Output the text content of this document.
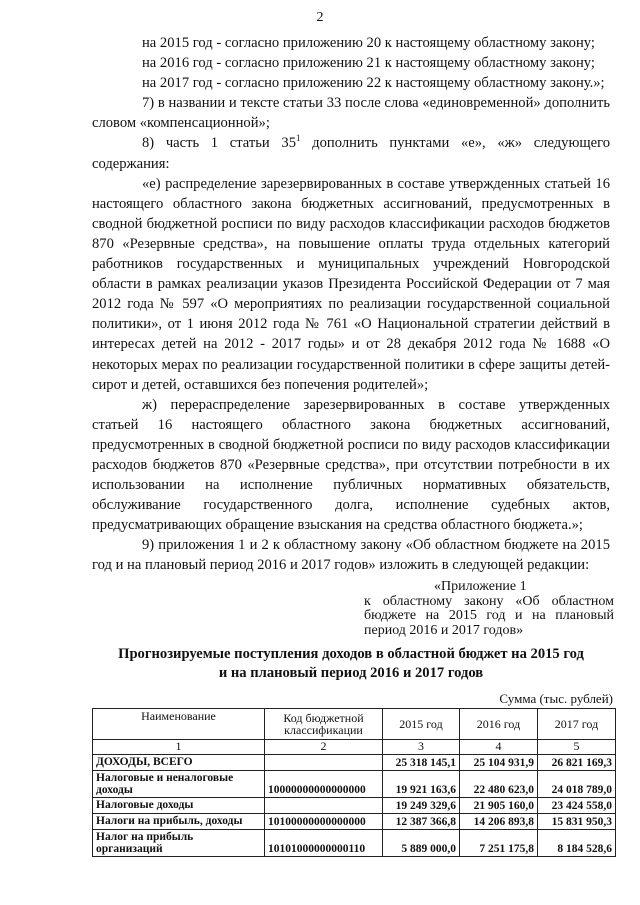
2

на 2015 год - согласно приложению 20 к настоящему областному закону;

на 2016 год - согласно приложению 21 к настоящему областному закону;

на 2017 год - согласно приложению 22 к настоящему областному закону.»;

7) в названии и тексте статьи 33 после слова «единовременной» дополнить словом «компенсационной»;

8) часть 1 статьи $35^1$ дополнить пунктами «е», «ж» следующего содержания:

«е) распределение зарезервированных в составе утвержденных статьей 16 настоящего областного закона бюджетных ассигнований, предусмотренных в сводной бюджетной росписи по виду расходов классификации расходов бюджетов 870 «Резервные средства», на повышение оплаты труда отдельных категорий работников государственных и муниципальных учреждений Новгородской области в рамках реализации указов Президента Российской Федерации от 7 мая 2012 года № 597 «О мероприятиях по реализации государственной социальной политики», от 1 июня 2012 года № 761 «О Национальной стратегии действий в интересах детей на 2012 - 2017 годы» и от 28 декабря 2012 года № 1688 «О некоторых мерах по реализации государственной политики в сфере защиты детей-сирот и детей, оставшихся без попечения родителей»;

ж) перераспределение зарезервированных в составе утвержденных статьей 16 настоящего областного закона бюджетных ассигнований, предусмотренных в сводной бюджетной росписи по виду расходов классификации расходов бюджетов 870 «Резервные средства», при отсутствии потребности в их использовании на исполнение публичных нормативных обязательств, обслуживание государственного долга, исполнение судебных актов, предусматривающих обращение взыскания на средства областного бюджета.»;

9) приложения 1 и 2 к областному закону «Об областном бюджете на 2015 год и на плановый период 2016 и 2017 годов» изложить в следующей редакции:

«Приложение 1
к областному закону «Об областном
бюджете на 2015 год и на плановый
период 2016 и 2017 годов»
Прогнозируемые поступления доходов в областной бюджет на 2015 год
и на плановый период 2016 и 2017 годов
Сумма (тыс. рублей)
Наименование	Код бюджетной классификации	2015 год	2016 год	2017 год
1	2	3	4	5
ДОХОДЫ, ВСЕГО		25 318 145,1	25 104 931,9	26 821 169,3
Налоговые и неналоговые доходы	10000000000000000	19 921 163,6	22 480 623,0	24 018 789,0
Налоговые доходы		19 249 329,6	21 905 160,0	23 424 558,0
Налоги на прибыль, доходы	10100000000000000	12 387 366,8	14 206 893,8	15 831 950,3
Налог на прибыль организаций	10101000000000110	5 889 000,0	7 251 175,8	8 184 528,6
